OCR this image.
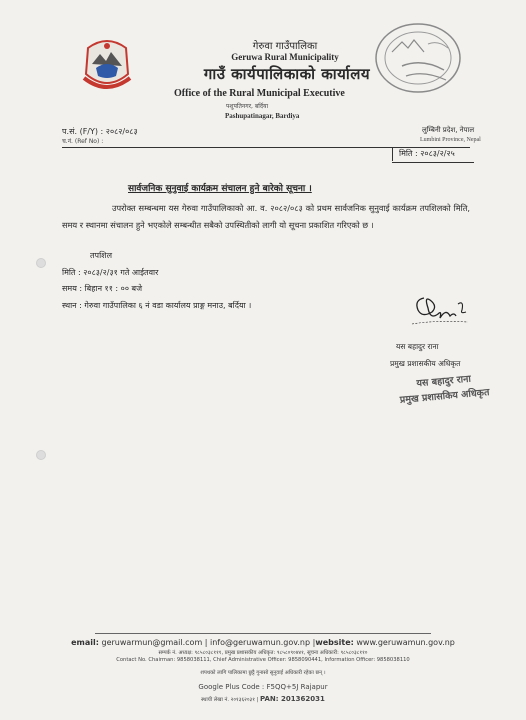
गेरुवा गाउँपालिका
Geruwa Rural Municipality
गाउँ कार्यपालिकाको कार्यालय
Office of the Rural Municipal Executive
पशुपतिनगर, बर्दिया
Pashupatinagar, Bardiya
प.सं. (F/Y) : २०८२/०८३
च.नं. (Ref No) :
लुम्बिनी प्रदेश, नेपाल
Lumbini Province, Nepal
मिति : २०८३/२/२५
सार्वजनिक सुनुवाई कार्यक्रम संचालन हुने बारेको सूचना ।

उपरोक्त सम्बन्धमा यस गेरुवा गाउँपालिकाको आ. व. २०८२/०८३ को प्रथम सार्वजनिक सुनुवाई कार्यक्रम तपशिलको मिति, समय र स्थानमा संचालन हुने भएकोले सम्बन्धीत सबैको उपस्थितीको लागी यो सूचना प्रकाशित गरिएको छ ।

तपशिल
मिति : २०८३/२/३१ गते आईतवार
समय : बिहान ११ : ०० बजे
स्थान : गेरुवा गाउँपालिका ६ नं वडा कार्यालय प्राङ्ग मनाउ, बर्दिया ।
यस बहादुर राना
प्रमुख प्रशासकीय अधिकृत
यस बहादुर राना
प्रमुख प्रशासकिय अधिकृत
email: geruwarmun@gmail.com | info@geruwamun.gov.np |website: www.geruwamun.gov.np
सम्पर्क नं. अध्यक्ष: ९८५८०३८१११, प्रमुख प्रशासकीय अधिकृत: ९८५८०९०४४१, सूचना अधिकारी: ९८५८०३८११०
Contact No. Chairman: 9858038111, Chief Administrative Officer: 9858090441, Information Officer: 9858038110
शपथको लागि पालिकामा छुट्टै गुनासो सुनुवाई अधिकारी रहेका छन् ।
Google Plus Code : F5QQ+5J Rajapur
स्थायी लेखा नं. २०१३६२०३१ | PAN: 201362031
